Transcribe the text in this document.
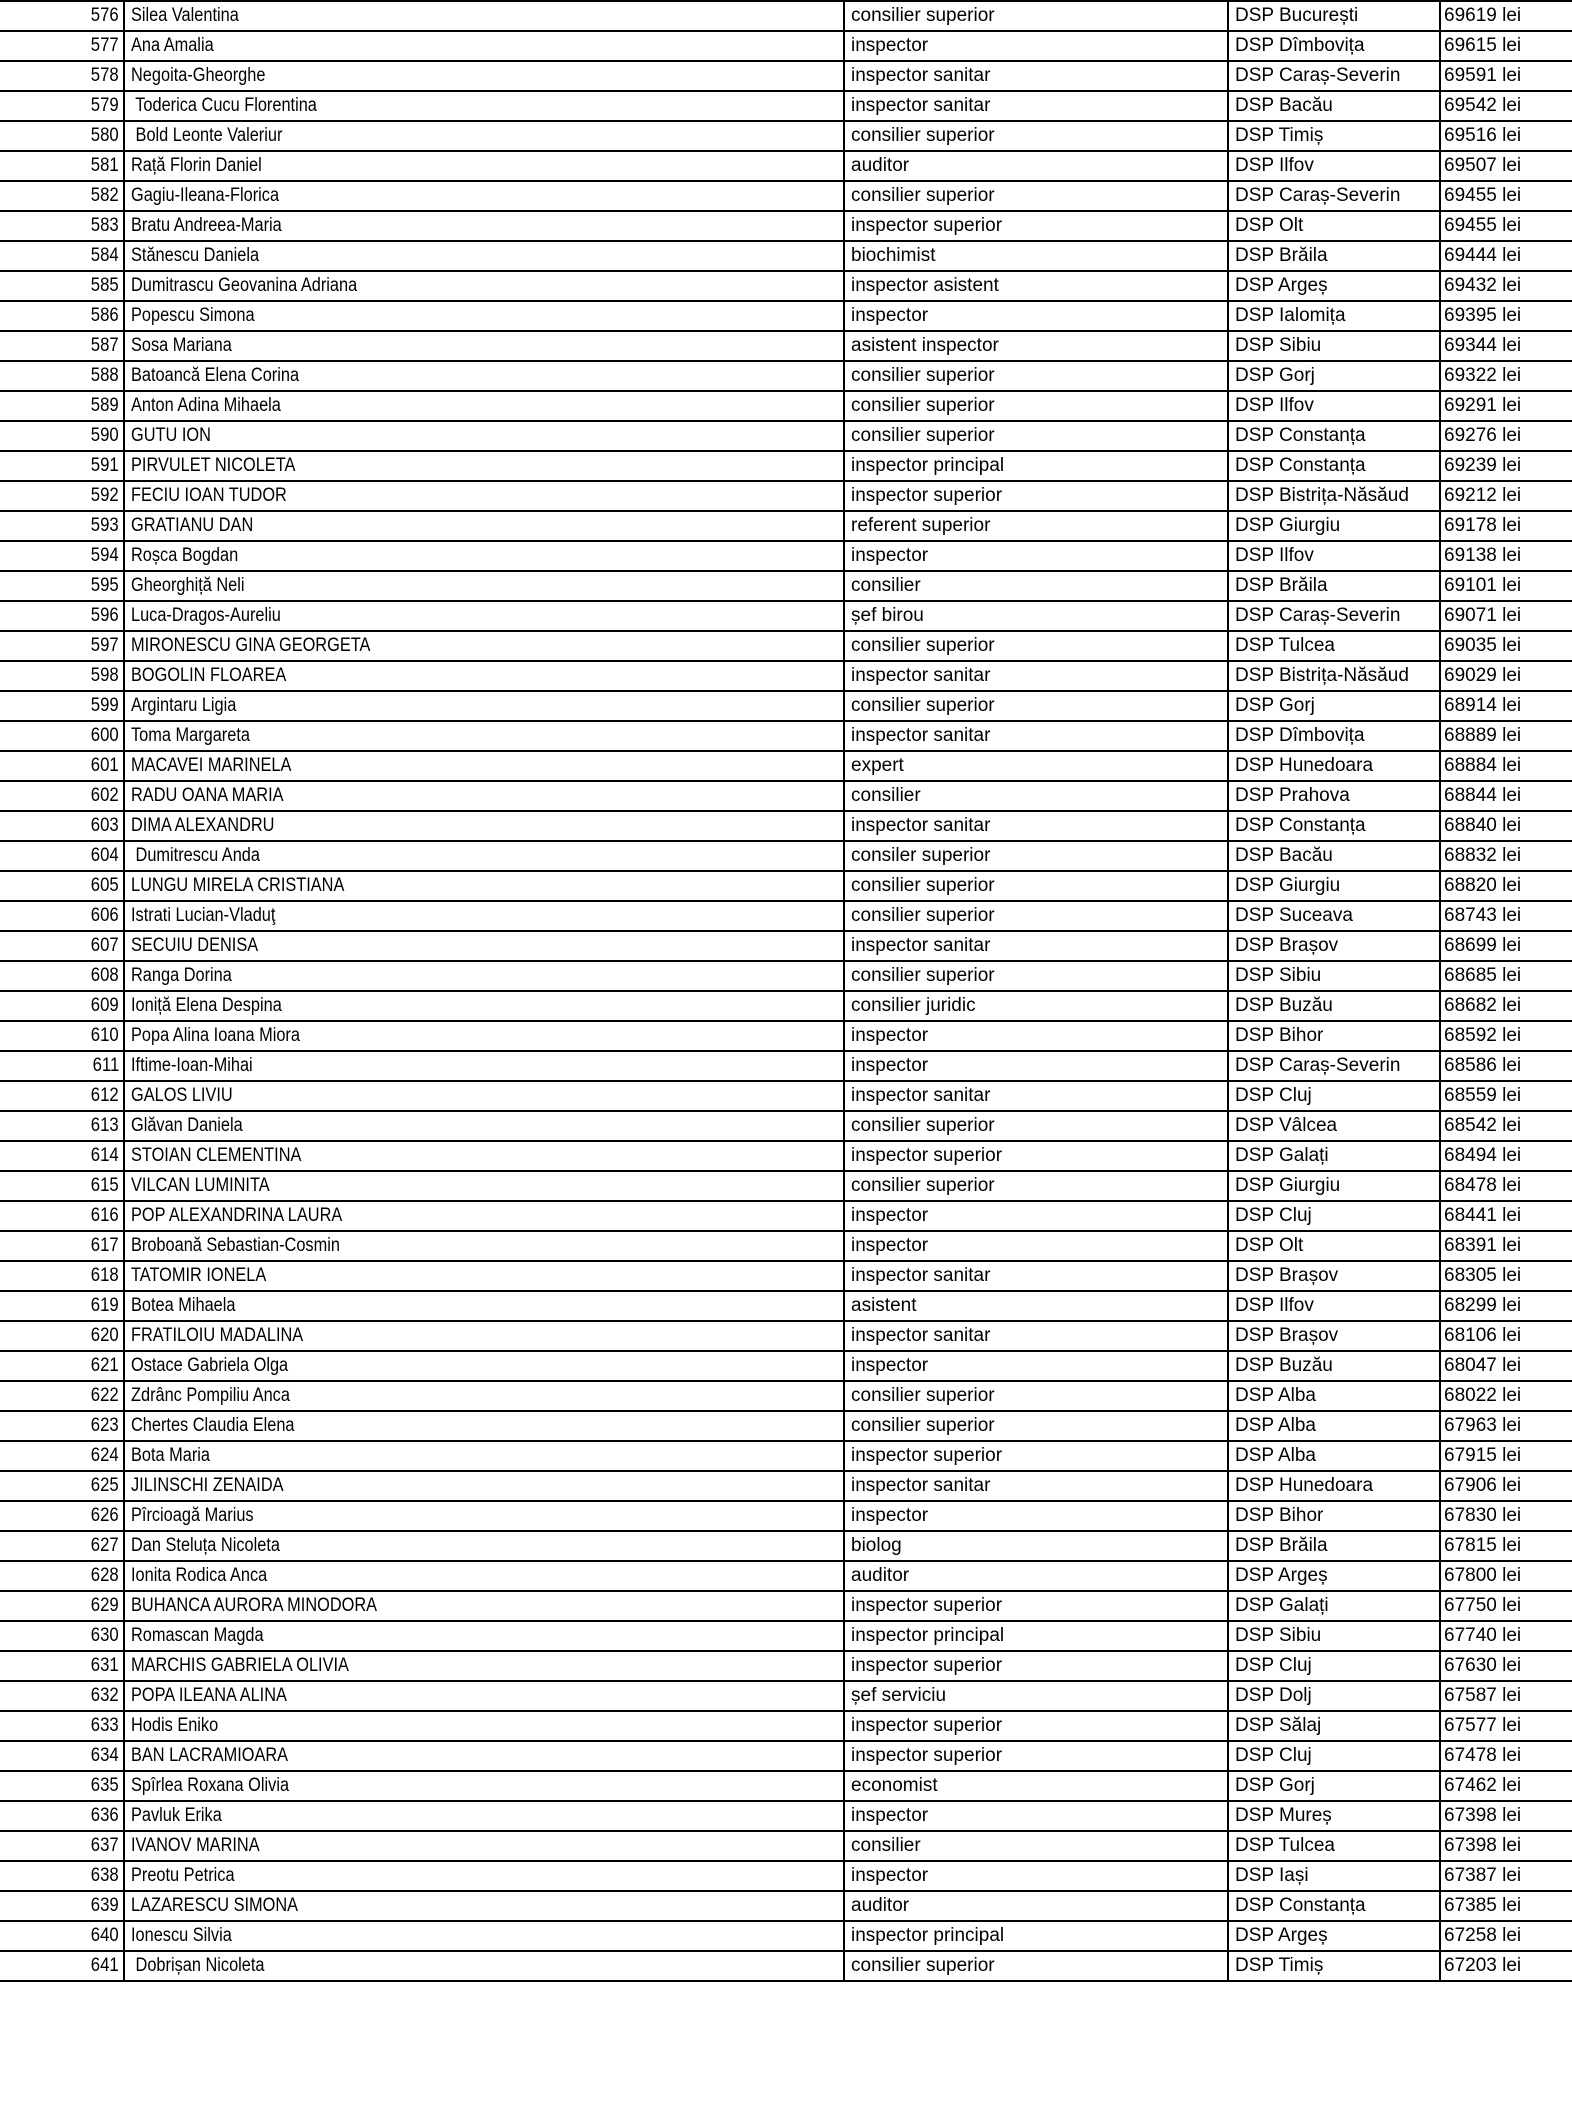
576	Silea Valentina	consilier superior	DSP București	69619 lei
577	Ana Amalia	inspector	DSP Dîmbovița	69615 lei
578	Negoita-Gheorghe	inspector sanitar	DSP Caraș-Severin	69591 lei
579	Toderica Cucu Florentina	inspector sanitar	DSP Bacău	69542 lei
580	Bold Leonte Valeriur	consilier superior	DSP Timiș	69516 lei
581	Rață Florin Daniel	auditor	DSP Ilfov	69507 lei
582	Gagiu-Ileana-Florica	consilier superior	DSP Caraș-Severin	69455 lei
583	Bratu Andreea-Maria	inspector superior	DSP Olt	69455 lei
584	Stănescu Daniela	biochimist	DSP Brăila	69444 lei
585	Dumitrascu Geovanina Adriana	inspector asistent	DSP Argeș	69432 lei
586	Popescu Simona	inspector	DSP Ialomița	69395 lei
587	Sosa Mariana	asistent inspector	DSP Sibiu	69344 lei
588	Batoancă Elena Corina	consilier superior	DSP Gorj	69322 lei
589	Anton Adina Mihaela	consilier superior	DSP Ilfov	69291 lei
590	GUTU ION	consilier superior	DSP Constanța	69276 lei
591	PIRVULET NICOLETA	inspector principal	DSP Constanța	69239 lei
592	FECIU IOAN TUDOR	inspector superior	DSP Bistrița-Năsăud	69212 lei
593	GRATIANU DAN	referent superior	DSP Giurgiu	69178 lei
594	Roșca Bogdan	inspector	DSP Ilfov	69138 lei
595	Gheorghiță Neli	consilier	DSP Brăila	69101 lei
596	Luca-Dragos-Aureliu	șef birou	DSP Caraș-Severin	69071 lei
597	MIRONESCU GINA GEORGETA	consilier superior	DSP Tulcea	69035 lei
598	BOGOLIN FLOAREA	inspector sanitar	DSP Bistrița-Năsăud	69029 lei
599	Argintaru Ligia	consilier superior	DSP Gorj	68914 lei
600	Toma Margareta	inspector sanitar	DSP Dîmbovița	68889 lei
601	MACAVEI MARINELA	expert	DSP Hunedoara	68884 lei
602	RADU OANA MARIA	consilier	DSP Prahova	68844 lei
603	DIMA ALEXANDRU	inspector sanitar	DSP Constanța	68840 lei
604	Dumitrescu Anda	consiler superior	DSP Bacău	68832 lei
605	LUNGU MIRELA CRISTIANA	consilier superior	DSP Giurgiu	68820 lei
606	Istrati Lucian-Vladuţ	consilier superior	DSP Suceava	68743 lei
607	SECUIU DENISA	inspector sanitar	DSP Brașov	68699 lei
608	Ranga Dorina	consilier superior	DSP Sibiu	68685 lei
609	Ioniță Elena Despina	consilier juridic	DSP Buzău	68682 lei
610	Popa Alina Ioana Miora	inspector	DSP Bihor	68592 lei
611	Iftime-Ioan-Mihai	inspector	DSP Caraș-Severin	68586 lei
612	GALOS LIVIU	inspector sanitar	DSP Cluj	68559 lei
613	Glăvan Daniela	consilier superior	DSP Vâlcea	68542 lei
614	STOIAN CLEMENTINA	inspector superior	DSP Galați	68494 lei
615	VILCAN LUMINITA	consilier superior	DSP Giurgiu	68478 lei
616	POP ALEXANDRINA LAURA	inspector	DSP Cluj	68441 lei
617	Broboană Sebastian-Cosmin	inspector	DSP Olt	68391 lei
618	TATOMIR IONELA	inspector sanitar	DSP Brașov	68305 lei
619	Botea Mihaela	asistent	DSP Ilfov	68299 lei
620	FRATILOIU MADALINA	inspector sanitar	DSP Brașov	68106 lei
621	Ostace Gabriela Olga	inspector	DSP Buzău	68047 lei
622	Zdrânc Pompiliu Anca	consilier superior	DSP Alba	68022 lei
623	Chertes Claudia Elena	consilier superior	DSP Alba	67963 lei
624	Bota Maria	inspector superior	DSP Alba	67915 lei
625	JILINSCHI ZENAIDA	inspector sanitar	DSP Hunedoara	67906 lei
626	Pîrcioagă Marius	inspector	DSP Bihor	67830 lei
627	Dan Steluța Nicoleta	biolog	DSP Brăila	67815 lei
628	Ionita Rodica Anca	auditor	DSP Argeș	67800 lei
629	BUHANCA AURORA MINODORA	inspector superior	DSP Galați	67750 lei
630	Romascan Magda	inspector principal	DSP Sibiu	67740 lei
631	MARCHIS GABRIELA OLIVIA	inspector superior	DSP Cluj	67630 lei
632	POPA ILEANA ALINA	șef serviciu	DSP Dolj	67587 lei
633	Hodis Eniko	inspector superior	DSP Sălaj	67577 lei
634	BAN LACRAMIOARA	inspector superior	DSP Cluj	67478 lei
635	Spîrlea Roxana Olivia	economist	DSP Gorj	67462 lei
636	Pavluk Erika	inspector	DSP Mureș	67398 lei
637	IVANOV MARINA	consilier	DSP Tulcea	67398 lei
638	Preotu Petrica	inspector	DSP Iași	67387 lei
639	LAZARESCU SIMONA	auditor	DSP Constanța	67385 lei
640	Ionescu Silvia	inspector principal	DSP Argeș	67258 lei
641	Dobrișan Nicoleta	consilier superior	DSP Timiș	67203 lei
